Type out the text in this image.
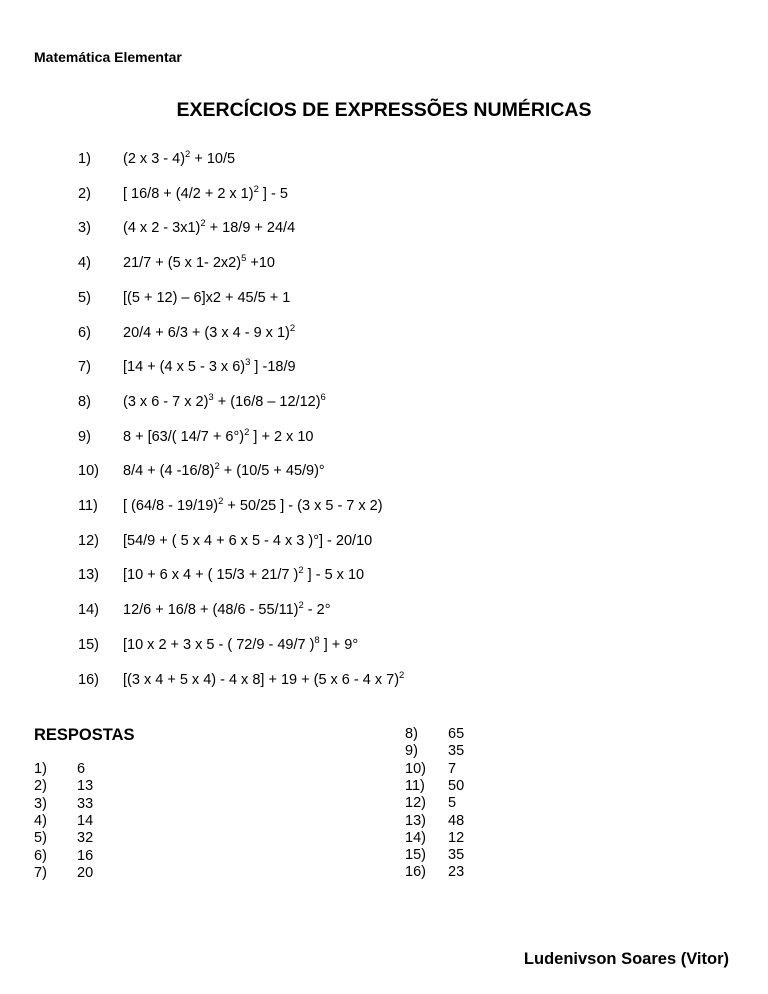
Matemática Elementar
EXERCÍCIOS DE EXPRESSÕES NUMÉRICAS
1)	(2 x 3 - 4)$^2$ + 10/5
2)	[ 16/8 + (4/2 + 2 x 1)$^2$ ] - 5
3)	(4 x 2 - 3x1)$^2$ + 18/9 + 24/4
4)	21/7 + (5 x 1- 2x2)$^5$ +10
5)	[(5 + 12) – 6]x2 + 45/5 + 1
6)	20/4 + 6/3 + (3 x 4 - 9 x 1)$^2$
7)	[14 + (4 x 5 - 3 x 6)$^3$ ] -18/9
8)	(3 x 6 - 7 x 2)$^3$ + (16/8 – 12/12)$^6$
9)	8 + [63/( 14/7 + 6°)$^2$ ] + 2 x 10
10)	8/4 + (4 -16/8)$^2$ + (10/5 + 45/9)°
11)	[ (64/8 - 19/19)$^2$ + 50/25 ] - (3 x 5 - 7 x 2)
12)	[54/9 + ( 5 x 4 + 6 x 5 - 4 x 3 )°] - 20/10
13)	[10 + 6 x 4 + ( 15/3 + 21/7 )$^2$ ] - 5 x 10
14)	12/6 + 16/8 + (48/6 - 55/11)$^2$ - 2°
15)	[10 x 2 + 3 x 5 - ( 72/9 - 49/7 )$^8$ ] + 9°
16)	[(3 x 4 + 5 x 4) - 4 x 8] + 19 + (5 x 6 - 4 x 7)$^2$
RESPOSTAS
1) 6
2) 13
3) 33
4) 14
5) 32
6) 16
7) 20
8) 65
9) 35
10) 7
11) 50
12) 5
13) 48
14) 12
15) 35
16) 23
Ludenivson Soares (Vitor)
